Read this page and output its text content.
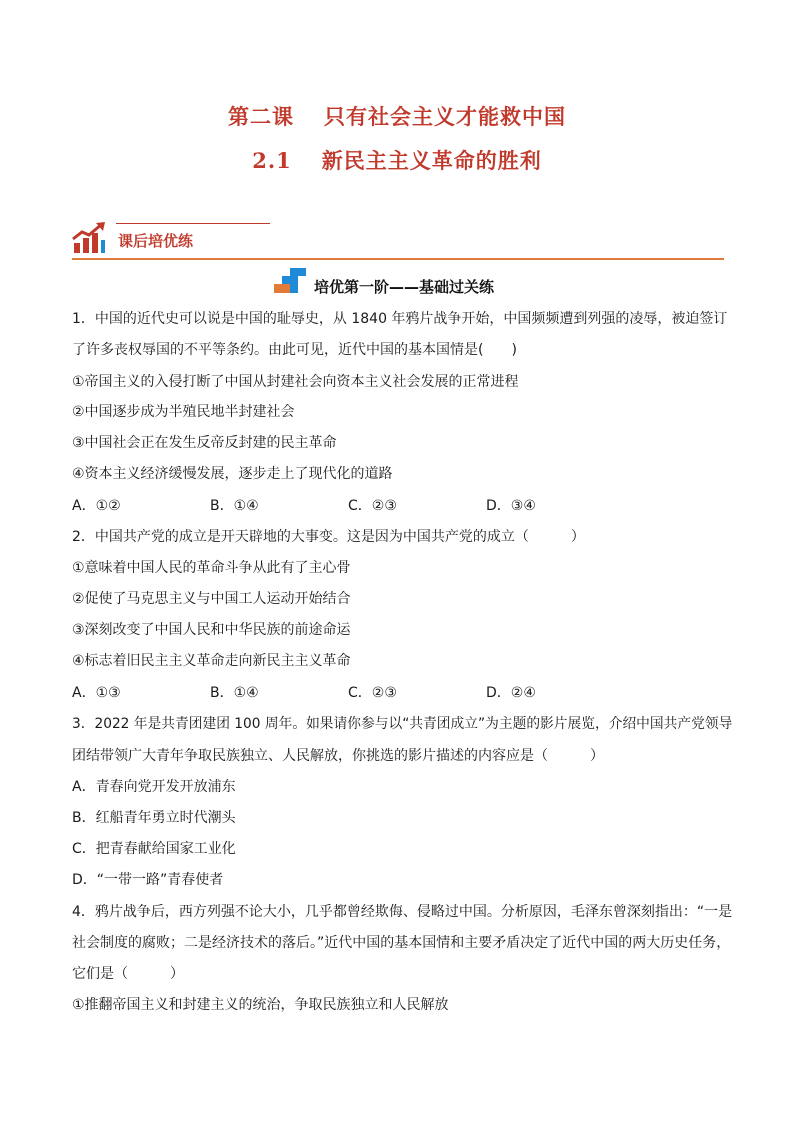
第二课 只有社会主义才能救中国
2.1 新民主主义革命的胜利
课后培优练
培优第一阶——基础过关练
1．中国的近代史可以说是中国的耻辱史，从 1840 年鸦片战争开始，中国频频遭到列强的凌辱，被迫签订
了许多丧权辱国的不平等条约。由此可见，近代中国的基本国情是(　　)
①帝国主义的入侵打断了中国从封建社会向资本主义社会发展的正常进程
②中国逐步成为半殖民地半封建社会
③中国社会正在发生反帝反封建的民主革命
④资本主义经济缓慢发展，逐步走上了现代化的道路
A．①②	B．①④	C．②③	D．③④
2．中国共产党的成立是开天辟地的大事变。这是因为中国共产党的成立（　　　）
①意味着中国人民的革命斗争从此有了主心骨
②促使了马克思主义与中国工人运动开始结合
③深刻改变了中国人民和中华民族的前途命运
④标志着旧民主主义革命走向新民主主义革命
A．①③	B．①④	C．②③	D．②④
3．2022 年是共青团建团 100 周年。如果请你参与以“共青团成立”为主题的影片展览，介绍中国共产党领导
团结带领广大青年争取民族独立、人民解放，你挑选的影片描述的内容应是（　　　）
A．青春向党开发开放浦东
B．红船青年勇立时代潮头
C．把青春献给国家工业化
D．“一带一路”青春使者
4．鸦片战争后，西方列强不论大小，几乎都曾经欺侮、侵略过中国。分析原因，毛泽东曾深刻指出：“一是
社会制度的腐败；二是经济技术的落后。”近代中国的基本国情和主要矛盾决定了近代中国的两大历史任务，
它们是（　　　）
①推翻帝国主义和封建主义的统治，争取民族独立和人民解放
